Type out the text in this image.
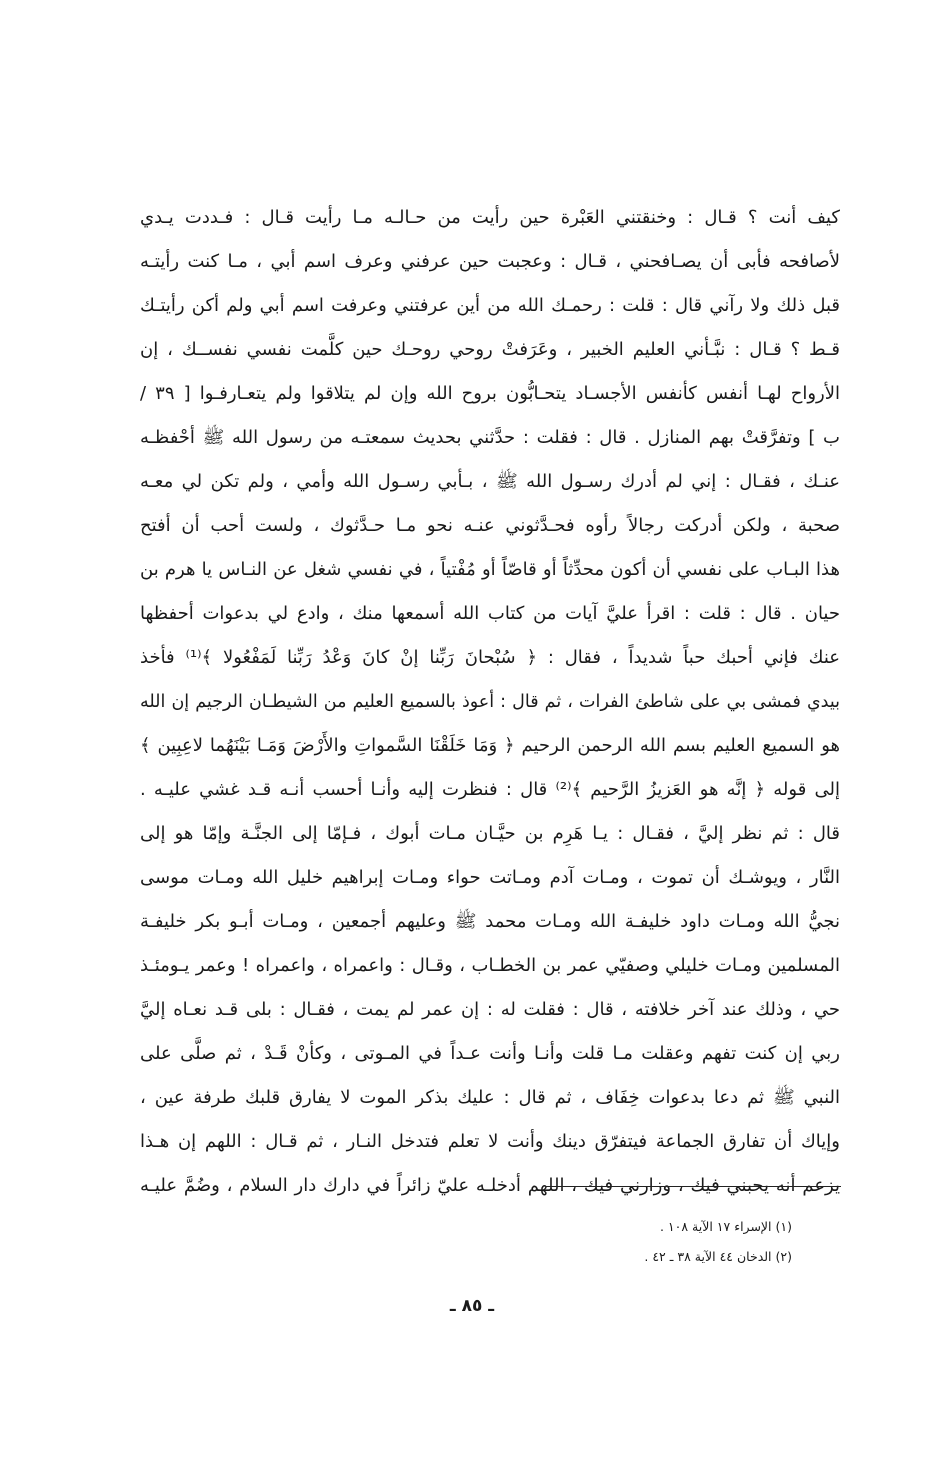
كيف أنت ؟ قـال : وخنقتني العَبْرة حين رأيت من حـالـه مـا رأيت قـال : فـددت يـدي
لأصافحه فأبى أن يصـافحني ، قـال : وعجبت حين عرفني وعرف اسم أبي ، مـا كنت رأيتـه
قبل ذلك ولا رآني قال : قلت : رحمـك الله من أين عرفتني وعرفت اسم أبي ولم أكن رأيتـك
قـط ؟ قـال : نبَّـأني العليم الخبير ، وعَرَفتْ روحي روحـك حين كلَّمت نفسي نفســك ، إن
الأرواح لهـا أنفس كأنفس الأجسـاد يتحـابُّون بروح الله وإن لم يتلاقوا ولم يتعـارفـوا [ ٣٩ /
ب ] وتفرَّقتْ بهم المنازل . قال : فقلت : حدَّثني بحديث سمعتـه من رسول الله ﷺ أحْفظـه
عنـك ، فقـال : إني لم أدرك رسـول الله ﷺ ، بـأبي رسـول الله وأمي ، ولم تكن لي معـه
صحبة ، ولكن أدركت رجالاً رأوه فحـدَّثوني عنـه نحو مـا حـدَّثوك ، ولست أحب أن أفتح
هذا البـاب على نفسي أن أكون محدِّثاً أو قاصّاً أو مُفْتياً ، في نفسي شغل عن النـاس يا هرم بن
حيان . قال : قلت : اقرأ عليَّ آيات من كتاب الله أسمعها منك ، وادع لي بدعوات أحفظها
عنك فإني أحبك حباً شديداً ، فقال : ﴿ سُبْحانَ رَبِّنا إنْ كانَ وَعْدُ رَبِّنا لَمَفْعُولا ﴾⁽¹⁾ فأخذ
بيدي فمشى بي على شاطئ الفرات ، ثم قال : أعوذ بالسميع العليم من الشيطـان الرجيم إن الله
هو السميع العليم بسم الله الرحمن الرحيم ﴿ وَمَا خَلَقْنَا السَّمواتِ والأَرْضَ وَمَـا بَيْنَهُما لاعِبِين ﴾
إلى قوله ﴿ إنَّه هو العَزيزُ الرَّحيم ﴾⁽²⁾ قال : فنظرت إليه وأنـا أحسب أنـه قـد غشي عليـه .
قال : ثم نظر إليَّ ، فقـال : يـا هَرِم بن حيَّـان مـات أبوك ، فـإمّا إلى الجنَّـة وإمّا هو إلى
النَّار ، ويوشـك أن تموت ، ومـات آدم ومـاتت حواء ومـات إبراهيم خليل الله ومـات موسى
نجيُّ الله ومـات داود خليفـة الله ومـات محمد ﷺ وعليهم أجمعين ، ومـات أبـو بكر خليفـة
المسلمين ومـات خليلي وصفيّي عمر بن الخطـاب ، وقـال : واعمراه ، واعمراه ! وعمر يـومئـذ
حي ، وذلك عند آخر خلافته ، قال : فقلت له : إن عمر لم يمت ، فقـال : بلى قـد نعـاه إليَّ
ربي إن كنت تفهم وعقلت مـا قلت وأنـا وأنت عـداً في المـوتى ، وكأنْ قَـدْ ، ثم صلَّى على
النبي ﷺ ثم دعا بدعوات خِفَاف ، ثم قال : عليك بذكر الموت لا يفارق قلبك طرفة عين ،
وإياك أن تفارق الجماعة فيتفرّق دينك وأنت لا تعلم فتدخل النـار ، ثم قـال : اللهم إن هـذا
يزعم أنه يحبني فيك ، وزارني فيك ، اللهم أدخلـه عليّ زائراً في دارك دار السلام ، وضُمَّ عليـه
(١) الإسراء ١٧ الآية ١٠٨ .
(٢) الدخان ٤٤ الآية ٣٨ ـ ٤٢ .
ـ ٨٥ ـ
